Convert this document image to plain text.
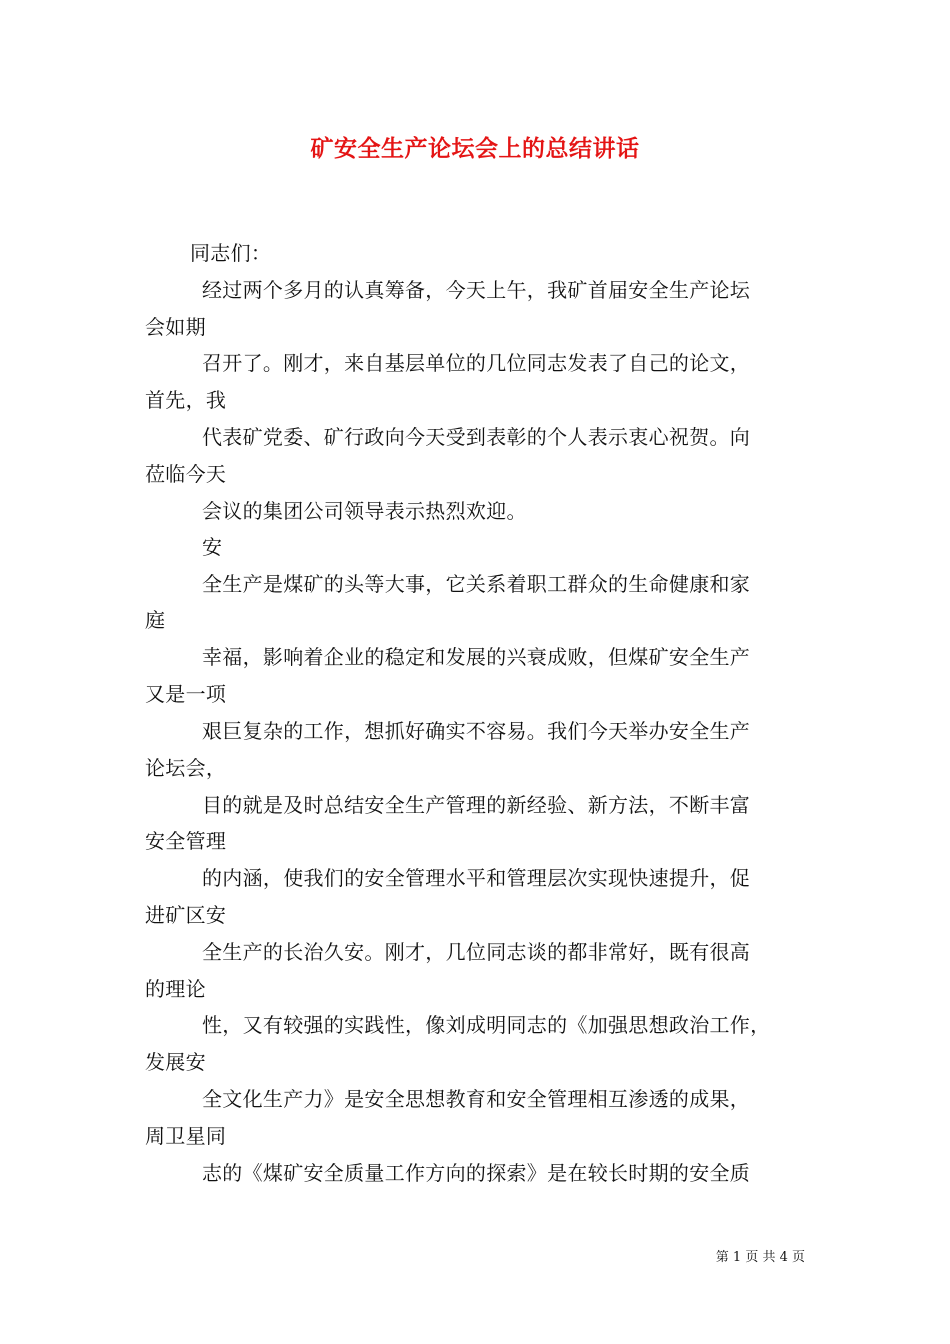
矿安全生产论坛会上的总结讲话
同志们：
经过两个多月的认真筹备，今天上午，我矿首届安全生产论坛
会如期
召开了。刚才，来自基层单位的几位同志发表了自己的论文，
首先，我
代表矿党委、矿行政向今天受到表彰的个人表示衷心祝贺。向
莅临今天
会议的集团公司领导表示热烈欢迎。
安
全生产是煤矿的头等大事，它关系着职工群众的生命健康和家
庭
幸福，影响着企业的稳定和发展的兴衰成败，但煤矿安全生产
又是一项
艰巨复杂的工作，想抓好确实不容易。我们今天举办安全生产
论坛会，
目的就是及时总结安全生产管理的新经验、新方法，不断丰富
安全管理
的内涵，使我们的安全管理水平和管理层次实现快速提升，促
进矿区安
全生产的长治久安。刚才，几位同志谈的都非常好，既有很高
的理论
性，又有较强的实践性，像刘成明同志的《加强思想政治工作，
发展安
全文化生产力》是安全思想教育和安全管理相互渗透的成果，
周卫星同
志的《煤矿安全质量工作方向的探索》是在较长时期的安全质
第 1 页 共 4 页
